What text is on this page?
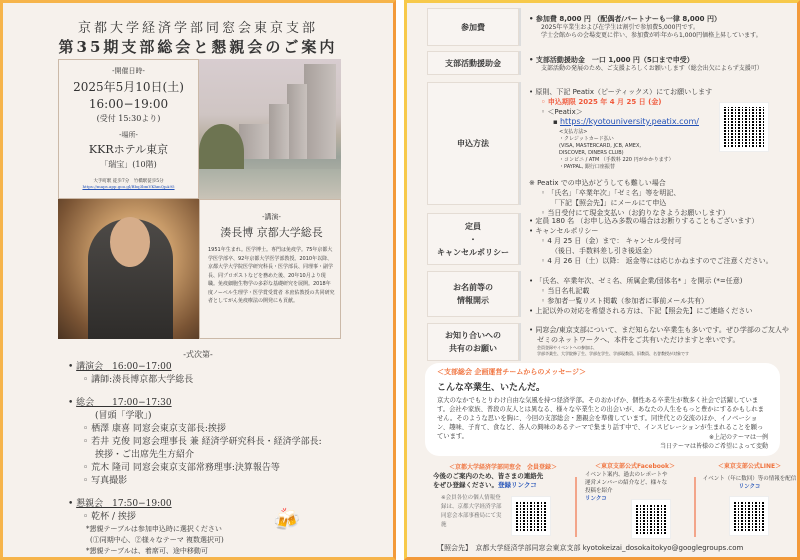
京都大学経済学部同窓会東京支部
第35期支部総会と懇親会のご案内
-開催日時-
2025年5月10日(土)
16:00−19:00
(受付 15:30より)
-場所-
KKRホテル東京
「瑞宝」(10階)
大手町駅 徒歩7分　竹橋駅徒歩5分
https://maps.app.goo.gl/Bbq3bmVKhmQpA95
-講演-
湊長博 京都大学総長
1951年生まれ。医学博士。専門は免疫学。75年京都大学医学部卒、92年京都大学医学部教授。2010年以降、京都大学大学院医学研究科長・医学部長、同理事・副学長、同プロボストなどを務めた後、20年10月より現職。免疫細胞生物学の多彩な基礎研究を展開。2018年度ノーベル生理学・医学賞受賞者 本庶佑教授の共同研究者としてがん免疫療法の開発にも貢献。
-式次第-
• 講演会　16:00−17:00
◦ 講師:湊長博京都大学総長
• 総会　　17:00−17:30
(冒頭「学歌」)
◦ 栖澤 康喜 同窓会東京支部長:挨拶
◦ 若井 克俊 同窓会理事長 兼 経済学研究科長・経済学部長:
挨拶・ご出席先生方紹介
◦ 荒木 隆司 同窓会東京支部常務理事:決算報告等
◦ 写真撮影
• 懇親会　17:50−19:00
◦ 乾杯 / 挨拶
*懇親テーブルは参加申込時に選択ください
(①同期中心、②様々なテーマ 複数選択可)
*懇親テーブルは、着席可、途中移動可
🍻
参加費
• 参加費 8,000 円 （配偶者/パートナーも一律 8,000 円）
2025年卒業生および在学生は割引で参加費5,000円です。
学士会館からの会場変更に伴い、参加費が昨年から1,000円価格上昇しています。
支部活動援助金	• 支部活動援助金　一口 1,000 円（5口まで申受）
支部活動の発展のため、ご支援よろしくお願いします（総会出欠によらず支援可）
申込方法
• 原則、下記 Peatix（ピーティックス）にてお願いします
◦ 申込期限 2025 年 4 月 25 日 (金)
◦ ＜Peatix＞
▪ https://kyotouniversity.peatix.com/
<支払方法>
・クレジットカード払い
(VISA, MASTERCARD, JCB, AMEX,
DISCOVER, DINERS CLUB)
・コンビニ / ATM （手数料 220 円がかかります）
・PAYPAL, 銀行口座振替
※ Peatix での申込がどうしても難しい場合
◦ 「氏名」「卒業年次」「ゼミ名」等を明記、
「下記【照会先】」にメールにて申込
◦ 当日受付にて現金支払い（お釣りなきようお願いします）
定員
・
キャンセルポリシー
• 定員 180 名 （お申し込み多数の場合はお断りすることもございます）
• キャンセルポリシー
◦ 4 月 25 日（金）まで： キャンセル受付可
（後日、手数料差し引き後返金）
◦ 4 月 26 日（土）以降： 返金等には応じかねますのでご注意ください。
お名前等の
情報開示
• 「氏名、卒業年次、ゼミ名、所属企業/団体名* 」を開示 (*=任意)
◦ 当日名札記載
◦ 参加者一覧リスト掲載（参加者に事前メール共有）
• 上記以外の対応を希望される方は、下記【照会先】にご連絡ください
お知り合いへの
共有のお願い
• 同窓会/東京支部について、まだ知らない卒業生も多いです。ぜひ学部のご友人やゼミのネットワークへ、本件をご共有いただけますと幸いです。
会員登録やイベントへの参加は、
学部卒業生、大学院修了生、学部在学生、学部現教員、旧教員、名誉教授が対象です
＜支部総会 企画運営チームからのメッセージ＞
こんな卒業生、いたんだ。
京大のなかでもとりわけ自由な気風を持つ経済学部。そのおかげか、個性ある卒業生が数多く社会で活躍しています。会社や家族、普段の友人とは異なる、様々な卒業生との出会いが、あなたの人生をもっと豊かにするかもしれません。そのような思いを胸に、今回の支部総会・懇親会を準備しています。同世代との交流のほか、イノベーション、趣味、子育て、食など、各人の興味のあるテーマで集まり話す中で、インスピレーションが生まれることを願っています。	※上記のテーマは一例
当日テーマは皆様のご希望によって変動
＜京都大学経済学部同窓会　会員登録＞
今後のご案内のため、皆さまの連絡先
をぜひ登録ください。登録リンクコ
※会員各位の個人情報登録は、京都大学経済学部同窓会本部事務局にて実施
＜東京支部公式Facebook＞
イベント案内、過去のレポートや運営メンバーの紹介など、様々な投稿を紹介
リンクコ
＜東京支部公式LINE＞
イベント（年に数回）等の情報を配信 リンクコ
【照会先】　 京都大学経済学部同窓会東京支部 kyotokeizai_dosokaitokyo@googlegroups.com
